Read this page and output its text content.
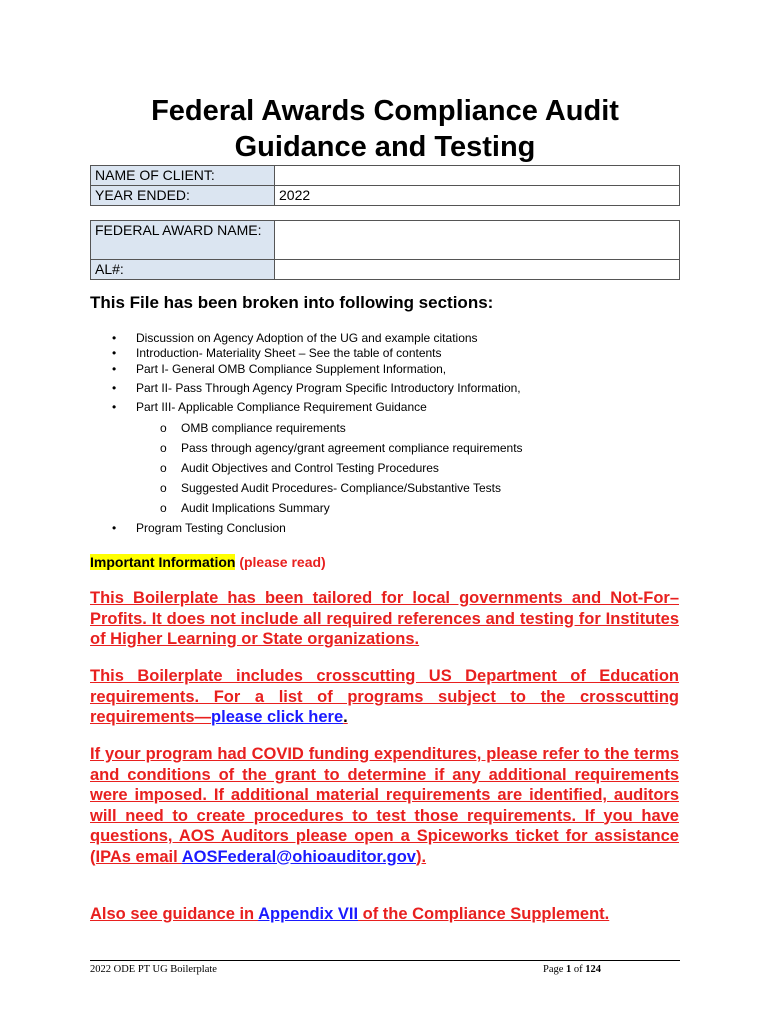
Federal Awards Compliance Audit
Guidance and Testing
NAME OF CLIENT:	
YEAR ENDED:	2022
FEDERAL AWARD NAME:	
AL#:	
This File has been broken into following sections:
• Discussion on Agency Adoption of the UG and example citations
• Introduction- Materiality Sheet – See the table of contents
• Part I- General OMB Compliance Supplement Information,
• Part II- Pass Through Agency Program Specific Introductory Information,
• Part III- Applicable Compliance Requirement Guidance
o OMB compliance requirements
o Pass through agency/grant agreement compliance requirements
o Audit Objectives and Control Testing Procedures
o Suggested Audit Procedures- Compliance/Substantive Tests
o Audit Implications Summary
• Program Testing Conclusion
Important Information (please read)
This Boilerplate has been tailored for local governments and Not-For–Profits. It does not include all required references and testing for Institutes of Higher Learning or State organizations.
This Boilerplate includes crosscutting US Department of Education requirements. For a list of programs subject to the crosscutting requirements—please click here.
If your program had COVID funding expenditures, please refer to the terms and conditions of the grant to determine if any additional requirements were imposed. If additional material requirements are identified, auditors will need to create procedures to test those requirements. If you have questions, AOS Auditors please open a Spiceworks ticket for assistance (IPAs email AOSFederal@ohioauditor.gov).
Also see guidance in Appendix VII of the Compliance Supplement.
2022 ODE PT UG Boilerplate	Page 1 of 124
